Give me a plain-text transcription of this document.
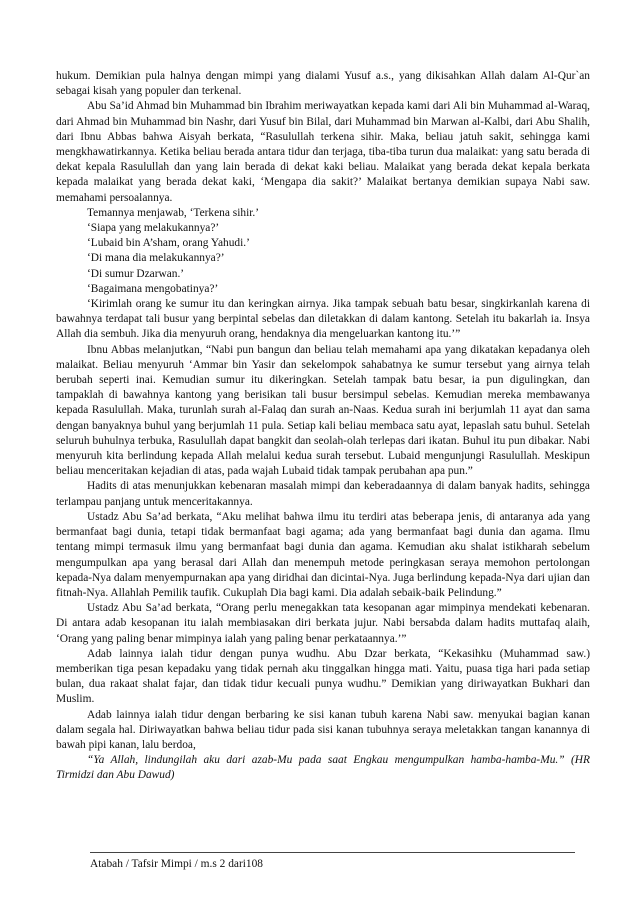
hukum. Demikian pula halnya dengan mimpi yang dialami Yusuf a.s., yang dikisahkan Allah dalam Al-Qur`an sebagai kisah yang populer dan terkenal.

Abu Sa’id Ahmad bin Muhammad bin Ibrahim meriwayatkan kepada kami dari Ali bin Muhammad al-Waraq, dari Ahmad bin Muhammad bin Nashr, dari Yusuf bin Bilal, dari Muhammad bin Marwan al-Kalbi, dari Abu Shalih, dari Ibnu Abbas bahwa Aisyah berkata, “Rasulullah terkena sihir. Maka, beliau jatuh sakit, sehingga kami mengkhawatirkannya. Ketika beliau berada antara tidur dan terjaga, tiba-tiba turun dua malaikat: yang satu berada di dekat kepala Rasulullah dan yang lain berada di dekat kaki beliau. Malaikat yang berada dekat kepala berkata kepada malaikat yang berada dekat kaki, ‘Mengapa dia sakit?’ Malaikat bertanya demikian supaya Nabi saw. memahami persoalannya.

Temannya menjawab, ‘Terkena sihir.’

‘Siapa yang melakukannya?’

‘Lubaid bin A’sham, orang Yahudi.’

‘Di mana dia melakukannya?’

‘Di sumur Dzarwan.’

‘Bagaimana mengobatinya?’

‘Kirimlah orang ke sumur itu dan keringkan airnya. Jika tampak sebuah batu besar, singkirkanlah karena di bawahnya terdapat tali busur yang berpintal sebelas dan diletakkan di dalam kantong. Setelah itu bakarlah ia. Insya Allah dia sembuh. Jika dia menyuruh orang, hendaknya dia mengeluarkan kantong itu.’”

Ibnu Abbas melanjutkan, “Nabi pun bangun dan beliau telah memahami apa yang dikatakan kepadanya oleh malaikat. Beliau menyuruh ‘Ammar bin Yasir dan sekelompok sahabatnya ke sumur tersebut yang airnya telah berubah seperti inai. Kemudian sumur itu dikeringkan. Setelah tampak batu besar, ia pun digulingkan, dan tampaklah di bawahnya kantong yang berisikan tali busur bersimpul sebelas. Kemudian mereka membawanya kepada Rasulullah. Maka, turunlah surah al-Falaq dan surah an-Naas. Kedua surah ini berjumlah 11 ayat dan sama dengan banyaknya buhul yang berjumlah 11 pula. Setiap kali beliau membaca satu ayat, lepaslah satu buhul. Setelah seluruh buhulnya terbuka, Rasulullah dapat bangkit dan seolah-olah terlepas dari ikatan. Buhul itu pun dibakar. Nabi menyuruh kita berlindung kepada Allah melalui kedua surah tersebut. Lubaid mengunjungi Rasulullah. Meskipun beliau menceritakan kejadian di atas, pada wajah Lubaid tidak tampak perubahan apa pun.”

Hadits di atas menunjukkan kebenaran masalah mimpi dan keberadaannya di dalam banyak hadits, sehingga terlampau panjang untuk menceritakannya.

Ustadz Abu Sa’ad berkata, “Aku melihat bahwa ilmu itu terdiri atas beberapa jenis, di antaranya ada yang bermanfaat bagi dunia, tetapi tidak bermanfaat bagi agama; ada yang bermanfaat bagi dunia dan agama. Ilmu tentang mimpi termasuk ilmu yang bermanfaat bagi dunia dan agama. Kemudian aku shalat istikharah sebelum mengumpulkan apa yang berasal dari Allah dan menempuh metode peringkasan seraya memohon pertolongan kepada-Nya dalam menyempurnakan apa yang diridhai dan dicintai-Nya. Juga berlindung kepada-Nya dari ujian dan fitnah-Nya. Allahlah Pemilik taufik. Cukuplah Dia bagi kami. Dia adalah sebaik-baik Pelindung.”

Ustadz Abu Sa’ad berkata, “Orang perlu menegakkan tata kesopanan agar mimpinya mendekati kebenaran. Di antara adab kesopanan itu ialah membiasakan diri berkata jujur. Nabi bersabda dalam hadits muttafaq alaih, ‘Orang yang paling benar mimpinya ialah yang paling benar perkataannya.’”

Adab lainnya ialah tidur dengan punya wudhu. Abu Dzar berkata, “Kekasihku (Muhammad saw.) memberikan tiga pesan kepadaku yang tidak pernah aku tinggalkan hingga mati. Yaitu, puasa tiga hari pada setiap bulan, dua rakaat shalat fajar, dan tidak tidur kecuali punya wudhu.” Demikian yang diriwayatkan Bukhari dan Muslim.

Adab lainnya ialah tidur dengan berbaring ke sisi kanan tubuh karena Nabi saw. menyukai bagian kanan dalam segala hal. Diriwayatkan bahwa beliau tidur pada sisi kanan tubuhnya seraya meletakkan tangan kanannya di bawah pipi kanan, lalu berdoa,

“Ya Allah, lindungilah aku dari azab-Mu pada saat Engkau mengumpulkan hamba-hamba-Mu.” (HR Tirmidzi dan Abu Dawud)

Atabah / Tafsir Mimpi / m.s 2 dari108
